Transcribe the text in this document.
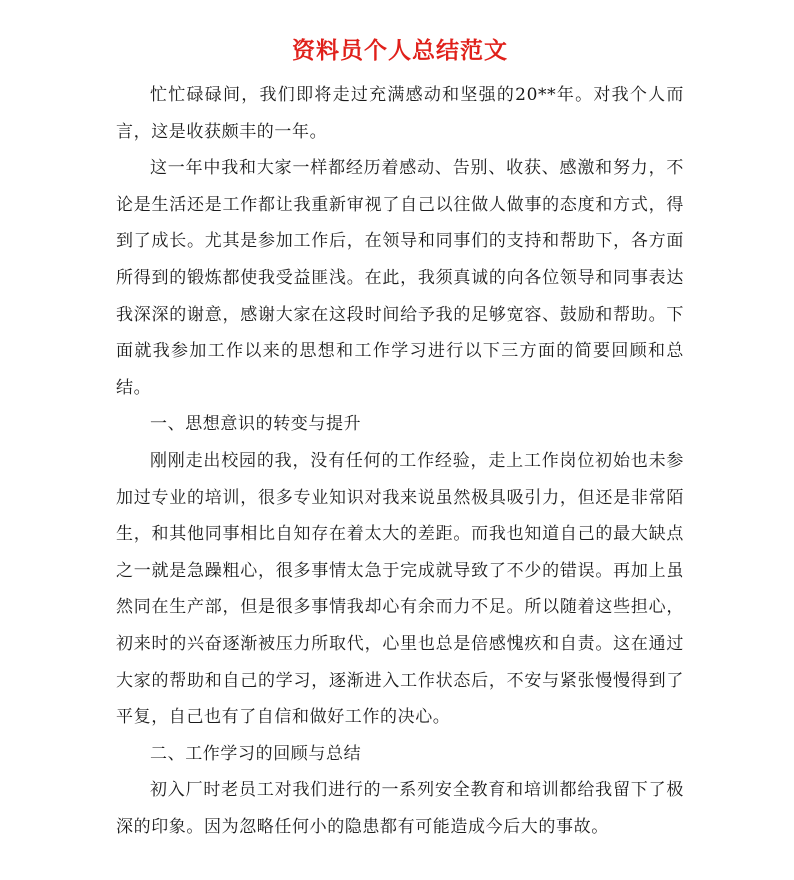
资料员个人总结范文

忙忙碌碌间，我们即将走过充满感动和坚强的20**年。对我个人而言，这是收获颇丰的一年。

这一年中我和大家一样都经历着感动、告别、收获、感激和努力，不论是生活还是工作都让我重新审视了自己以往做人做事的态度和方式，得到了成长。尤其是参加工作后，在领导和同事们的支持和帮助下，各方面所得到的锻炼都使我受益匪浅。在此，我须真诚的向各位领导和同事表达我深深的谢意，感谢大家在这段时间给予我的足够宽容、鼓励和帮助。下面就我参加工作以来的思想和工作学习进行以下三方面的简要回顾和总结。

一、思想意识的转变与提升

刚刚走出校园的我，没有任何的工作经验，走上工作岗位初始也未参加过专业的培训，很多专业知识对我来说虽然极具吸引力，但还是非常陌生，和其他同事相比自知存在着太大的差距。而我也知道自己的最大缺点之一就是急躁粗心，很多事情太急于完成就导致了不少的错误。再加上虽然同在生产部，但是很多事情我却心有余而力不足。所以随着这些担心，初来时的兴奋逐渐被压力所取代，心里也总是倍感愧疚和自责。这在通过大家的帮助和自己的学习，逐渐进入工作状态后，不安与紧张慢慢得到了平复，自己也有了自信和做好工作的决心。

二、工作学习的回顾与总结

初入厂时老员工对我们进行的一系列安全教育和培训都给我留下了极深的印象。因为忽略任何小的隐患都有可能造成今后大的事故。
